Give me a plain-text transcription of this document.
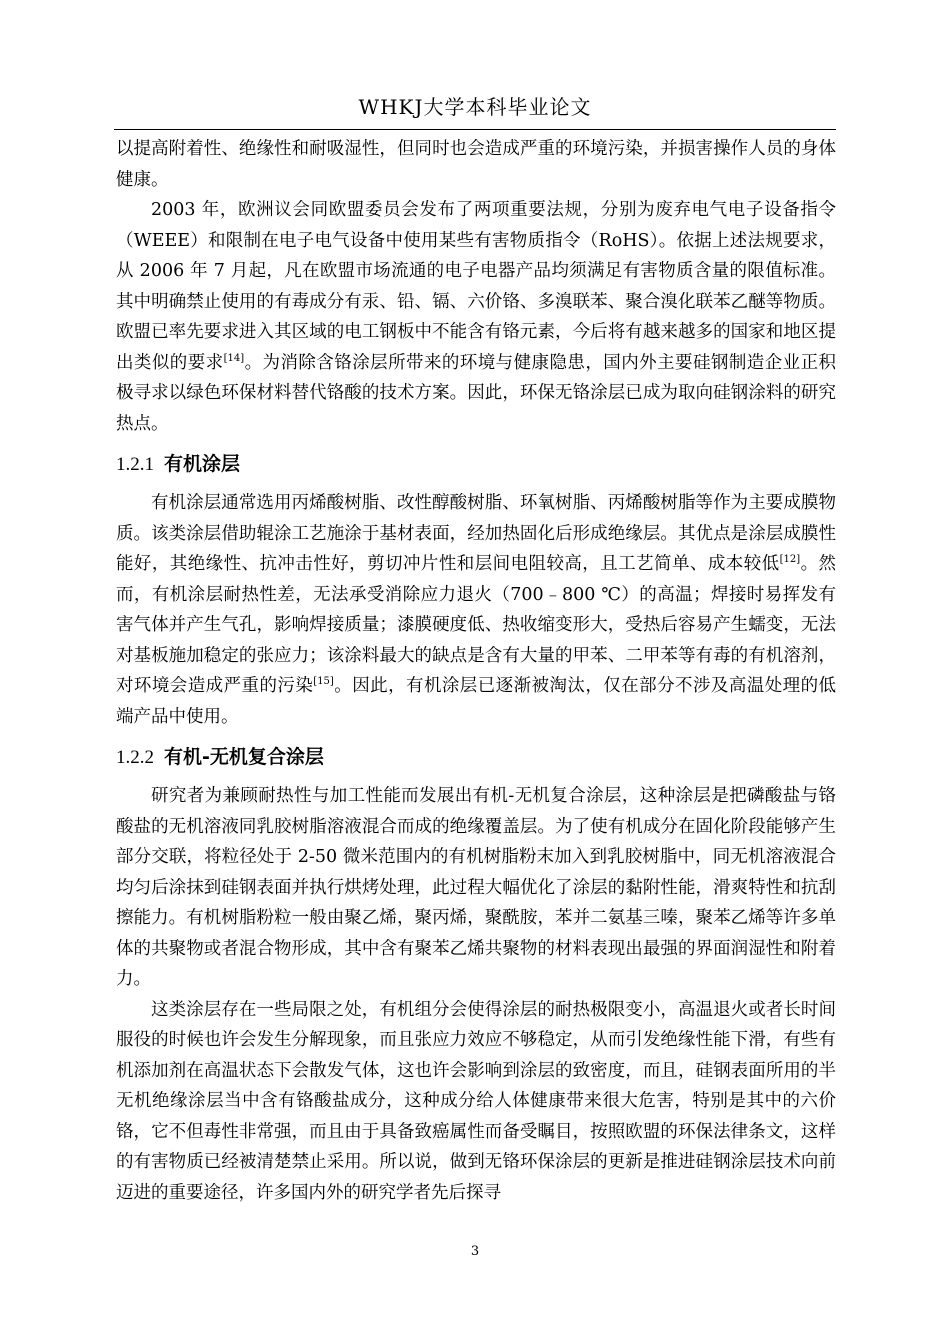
WHKJ大学本科毕业论文

以提高附着性、绝缘性和耐吸湿性，但同时也会造成严重的环境污染，并损害操作人员的身体健康。

2003 年，欧洲议会同欧盟委员会发布了两项重要法规，分别为废弃电气电子设备指令（WEEE）和限制在电子电气设备中使用某些有害物质指令（RoHS）。依据上述法规要求，从 2006 年 7 月起，凡在欧盟市场流通的电子电器产品均须满足有害物质含量的限值标准。其中明确禁止使用的有毒成分有汞、铅、镉、六价铬、多溴联苯、聚合溴化联苯乙醚等物质。欧盟已率先要求进入其区域的电工钢板中不能含有铬元素，今后将有越来越多的国家和地区提出类似的要求[14]。为消除含铬涂层所带来的环境与健康隐患，国内外主要硅钢制造企业正积极寻求以绿色环保材料替代铬酸的技术方案。因此，环保无铬涂层已成为取向硅钢涂料的研究热点。

1.2.1 有机涂层

有机涂层通常选用丙烯酸树脂、改性醇酸树脂、环氧树脂、丙烯酸树脂等作为主要成膜物质。该类涂层借助辊涂工艺施涂于基材表面，经加热固化后形成绝缘层。其优点是涂层成膜性能好，其绝缘性、抗冲击性好，剪切冲片性和层间电阻较高，且工艺简单、成本较低[12]。然而，有机涂层耐热性差，无法承受消除应力退火（700﹣800 ℃）的高温；焊接时易挥发有害气体并产生气孔，影响焊接质量；漆膜硬度低、热收缩变形大，受热后容易产生蠕变，无法对基板施加稳定的张应力；该涂料最大的缺点是含有大量的甲苯、二甲苯等有毒的有机溶剂，对环境会造成严重的污染[15]。因此，有机涂层已逐渐被淘汰，仅在部分不涉及高温处理的低端产品中使用。

1.2.2 有机-无机复合涂层

研究者为兼顾耐热性与加工性能而发展出有机-无机复合涂层，这种涂层是把磷酸盐与铬酸盐的无机溶液同乳胶树脂溶液混合而成的绝缘覆盖层。为了使有机成分在固化阶段能够产生部分交联，将粒径处于 2-50 微米范围内的有机树脂粉末加入到乳胶树脂中，同无机溶液混合均匀后涂抹到硅钢表面并执行烘烤处理，此过程大幅优化了涂层的黏附性能，滑爽特性和抗刮擦能力。有机树脂粉粒一般由聚乙烯，聚丙烯，聚酰胺，苯并二氨基三嗪，聚苯乙烯等许多单体的共聚物或者混合物形成，其中含有聚苯乙烯共聚物的材料表现出最强的界面润湿性和附着力。

这类涂层存在一些局限之处，有机组分会使得涂层的耐热极限变小，高温退火或者长时间服役的时候也许会发生分解现象，而且张应力效应不够稳定，从而引发绝缘性能下滑，有些有机添加剂在高温状态下会散发气体，这也许会影响到涂层的致密度，而且，硅钢表面所用的半无机绝缘涂层当中含有铬酸盐成分，这种成分给人体健康带来很大危害，特别是其中的六价铬，它不但毒性非常强，而且由于具备致癌属性而备受瞩目，按照欧盟的环保法律条文，这样的有害物质已经被清楚禁止采用。所以说，做到无铬环保涂层的更新是推进硅钢涂层技术向前迈进的重要途径，许多国内外的研究学者先后探寻

3
